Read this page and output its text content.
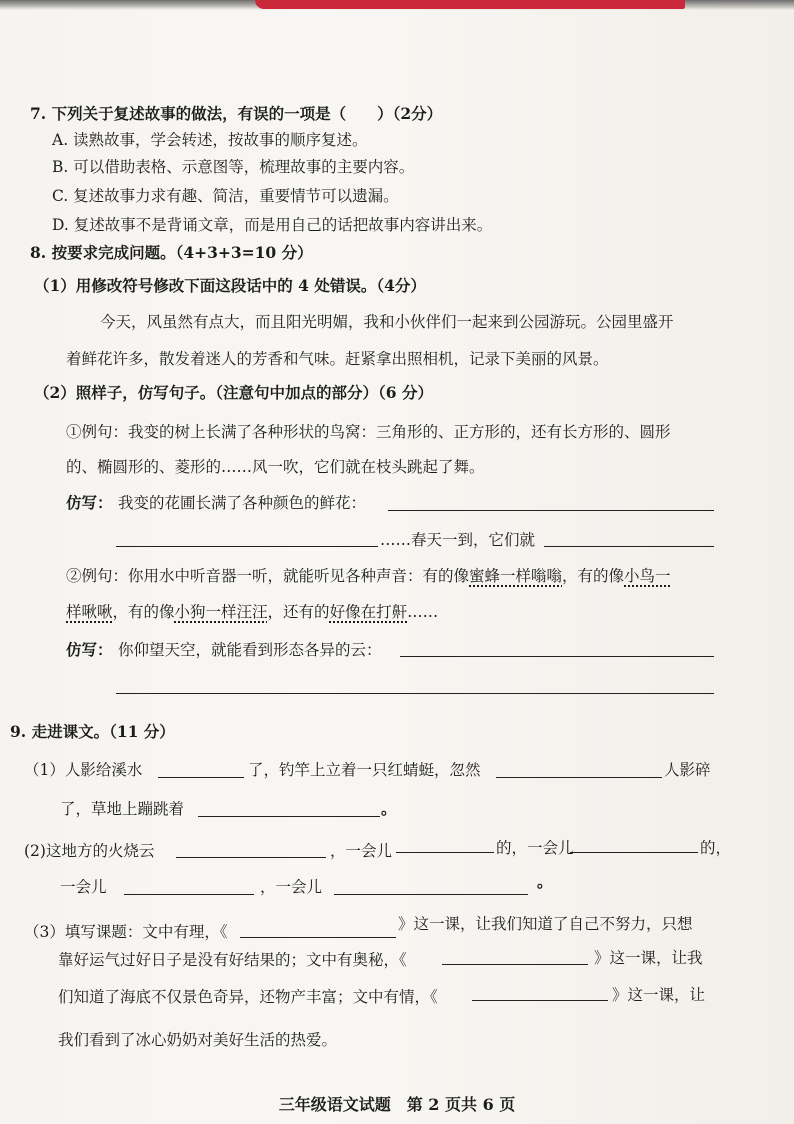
7. 下列关于复述故事的做法，有误的一项是（　　）（2分）
A. 读熟故事，学会转述，按故事的顺序复述。
B. 可以借助表格、示意图等，梳理故事的主要内容。
C. 复述故事力求有趣、简洁，重要情节可以遗漏。
D. 复述故事不是背诵文章，而是用自己的话把故事内容讲出来。
8. 按要求完成问题。（4+3+3=10 分）
（1）用修改符号修改下面这段话中的 4 处错误。（4分）
今天，风虽然有点大，而且阳光明媚，我和小伙伴们一起来到公园游玩。公园里盛开
着鲜花许多，散发着迷人的芳香和气味。赶紧拿出照相机，记录下美丽的风景。
（2）照样子，仿写句子。（注意句中加点的部分）（6 分）
①例句：我变的树上长满了各种形状的鸟窝：三角形的、正方形的，还有长方形的、圆形
的、椭圆形的、菱形的……风一吹，它们就在枝头跳起了舞。
仿写： 我变的花圃长满了各种颜色的鲜花：
……春天一到，它们就
②例句：你用水中听音器一听，就能听见各种声音：有的像蜜蜂一样嗡嗡，有的像小鸟一
样啾啾，有的像小狗一样汪汪，还有的好像在打鼾……
仿写： 你仰望天空，就能看到形态各异的云：
9. 走进课文。（11 分）
（1）人影给溪水	了，钓竿上立着一只红蜻蜓，忽然	人影碎
了，草地上蹦跳着	。
(2)这地方的火烧云	，一会儿	的，一会儿	的，
一会儿	，一会儿	。
（3）填写课题：文中有理，《	》这一课，让我们知道了自己不努力，只想
靠好运气过好日子是没有好结果的；文中有奥秘，《	》这一课，让我
们知道了海底不仅景色奇异，还物产丰富；文中有情，《	》这一课，让
我们看到了冰心奶奶对美好生活的热爱。
三年级语文试题　第 2 页共 6 页
